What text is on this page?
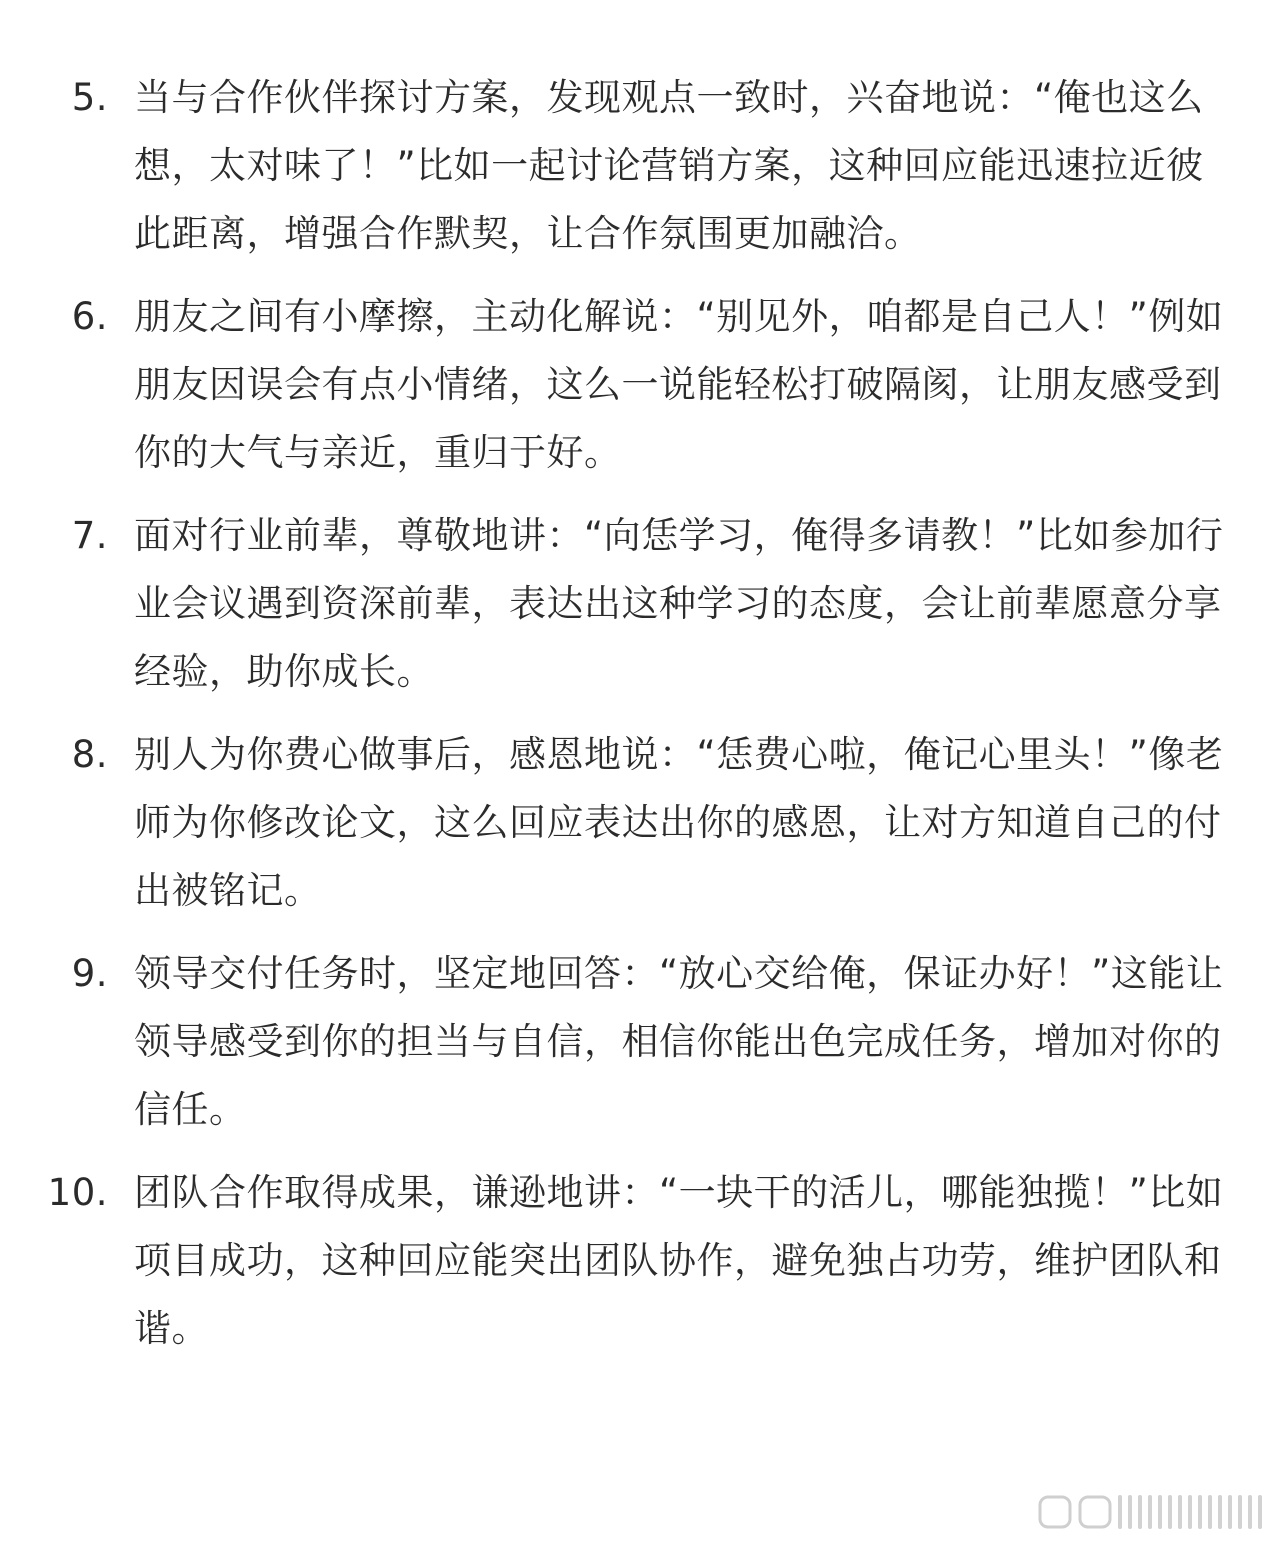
5. 当与合作伙伴探讨方案，发现观点一致时，兴奋地说：“俺也这么想，太对味了！”比如一起讨论营销方案，这种回应能迅速拉近彼此距离，增强合作默契，让合作氛围更加融洽。
6. 朋友之间有小摩擦，主动化解说：“别见外，咱都是自己人！”例如朋友因误会有点小情绪，这么一说能轻松打破隔阂，让朋友感受到你的大气与亲近，重归于好。
7. 面对行业前辈，尊敬地讲：“向恁学习，俺得多请教！”比如参加行业会议遇到资深前辈，表达出这种学习的态度，会让前辈愿意分享经验，助你成长。
8. 别人为你费心做事后，感恩地说：“恁费心啦，俺记心里头！”像老师为你修改论文，这么回应表达出你的感恩，让对方知道自己的付出被铭记。
9. 领导交付任务时，坚定地回答：“放心交给俺，保证办好！”这能让领导感受到你的担当与自信，相信你能出色完成任务，增加对你的信任。
10. 团队合作取得成果，谦逊地讲：“一块干的活儿，哪能独揽！”比如项目成功，这种回应能突出团队协作，避免独占功劳，维护团队和谐。
